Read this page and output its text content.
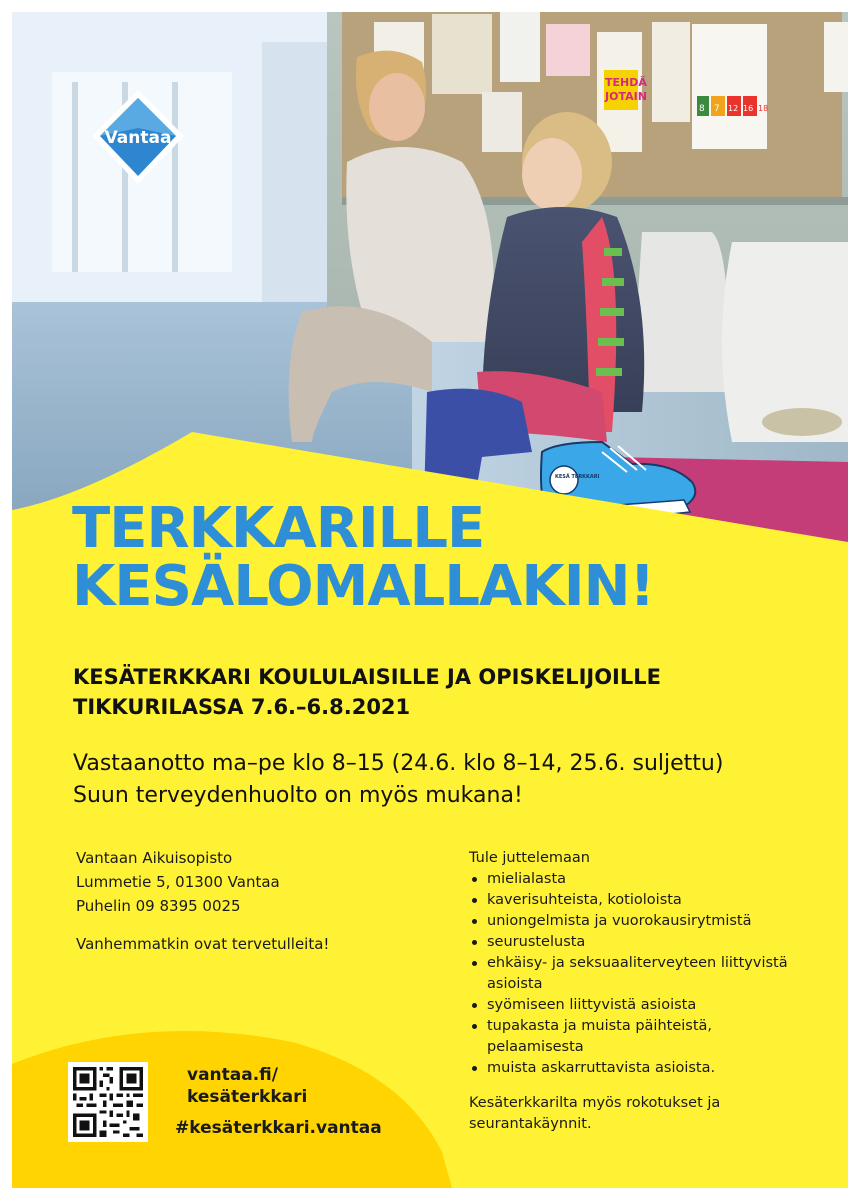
TEHDÄ
JOTAIN
8 7 12 16 18
KESÄ TERKKARI
Vantaa
TERKKARILLE
KESÄLOMALLAKIN!
KESÄTERKKARI KOULULAISILLE JA OPISKELIJOILLE
TIKKURILASSA 7.6.–6.8.2021

Vastaanotto ma–pe klo 8–15 (24.6. klo 8–14, 25.6. suljettu)
Suun terveydenhuolto on myös mukana!

Vantaan Aikuisopisto
Lummetie 5, 01300 Vantaa
Puhelin 09 8395 0025
Vanhemmatkin ovat tervetulleita!
Tule juttelemaan
mielialasta
kaverisuhteista, kotioloista
uniongelmista ja vuorokausirytmistä
seurustelusta
ehkäisy- ja seksuaaliterveyteen liittyvistä asioista
syömiseen liittyvistä asioista
tupakasta ja muista päihteistä, pelaamisesta
muista askarruttavista asioista.
Kesäterkkarilta myös rokotukset ja seurantakäynnit.
vantaa.fi/
kesäterkkari
#kesäterkkari.vantaa
